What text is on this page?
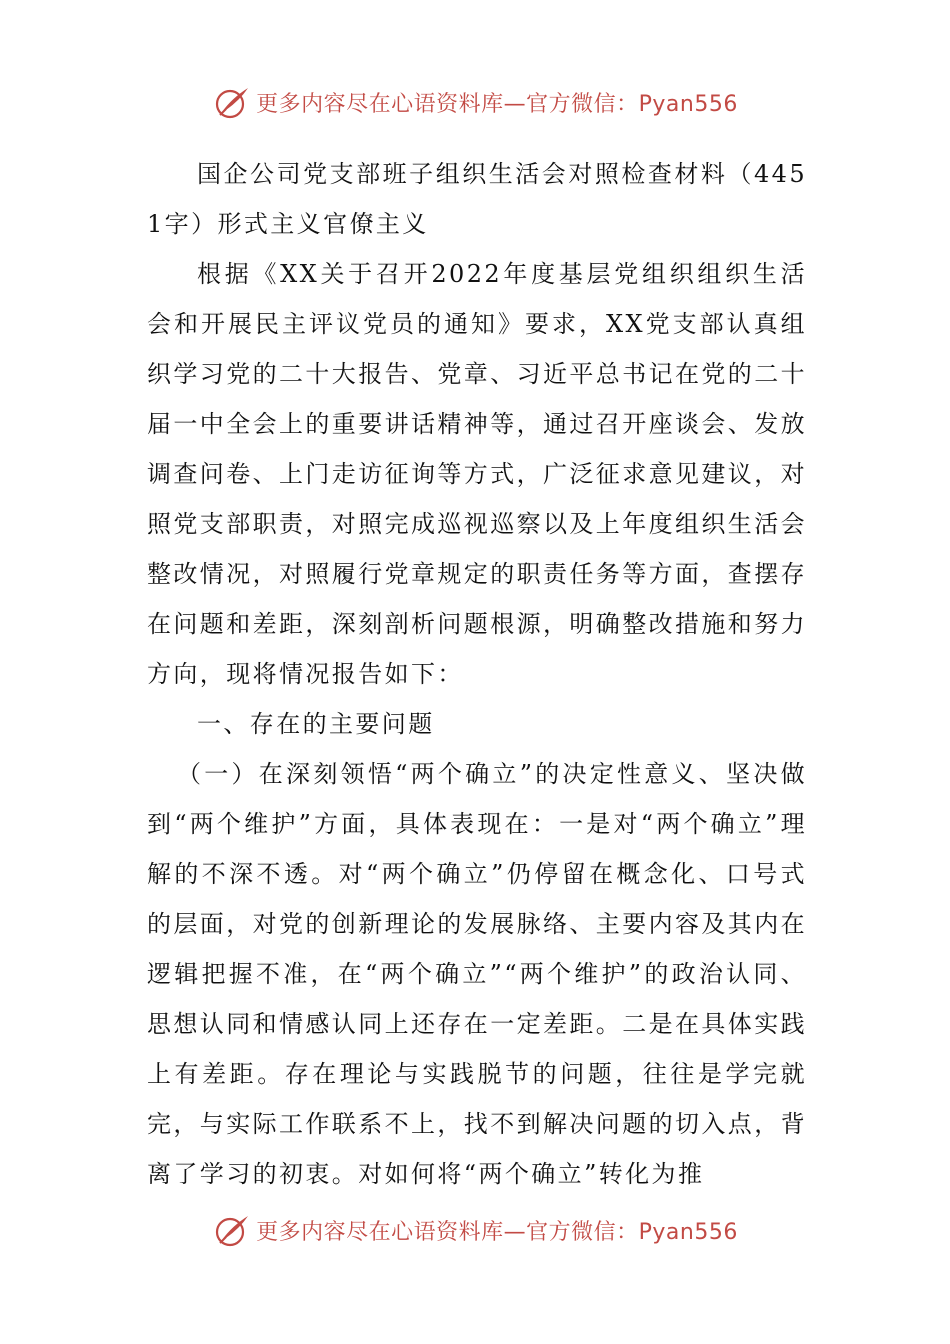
更多内容尽在心语资料库—官方微信：Pyan556

国企公司党支部班子组织生活会对照检查材料（4451字）形式主义官僚主义

根据《XX关于召开2022年度基层党组织组织生活会和开展民主评议党员的通知》要求，XX党支部认真组织学习党的二十大报告、党章、习近平总书记在党的二十届一中全会上的重要讲话精神等，通过召开座谈会、发放调查问卷、上门走访征询等方式，广泛征求意见建议，对照党支部职责，对照完成巡视巡察以及上年度组织生活会整改情况，对照履行党章规定的职责任务等方面，查摆存在问题和差距，深刻剖析问题根源，明确整改措施和努力方向，现将情况报告如下：

一、存在的主要问题

（一）在深刻领悟“两个确立”的决定性意义、坚决做到“两个维护”方面，具体表现在：一是对“两个确立”理解的不深不透。对“两个确立”仍停留在概念化、口号式的层面，对党的创新理论的发展脉络、主要内容及其内在逻辑把握不准，在“两个确立”“两个维护”的政治认同、思想认同和情感认同上还存在一定差距。二是在具体实践上有差距。存在理论与实践脱节的问题，往往是学完就完，与实际工作联系不上，找不到解决问题的切入点，背离了学习的初衷。对如何将“两个确立”转化为推

更多内容尽在心语资料库—官方微信：Pyan556
